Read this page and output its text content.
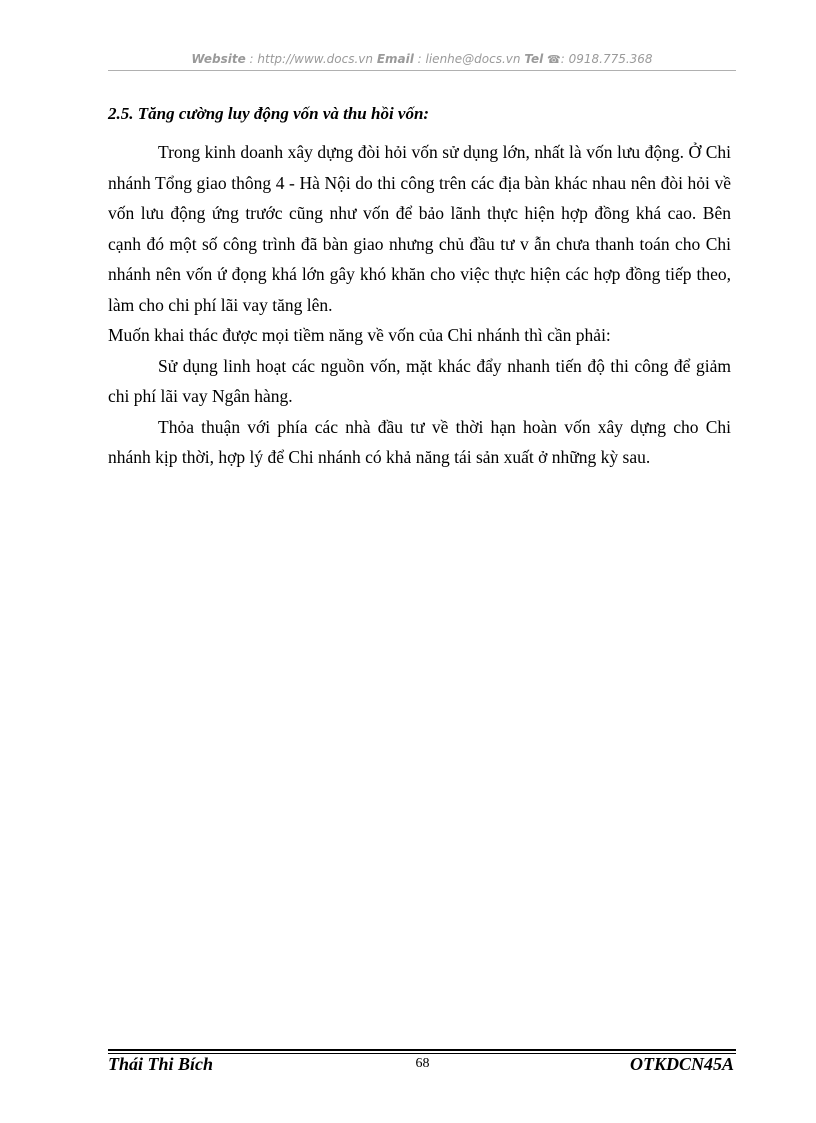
Website : http://www.docs.vn Email : lienhe@docs.vn Tel ☎: 0918.775.368
2.5. Tăng cường luy động vốn và thu hồi vốn:

Trong kinh doanh xây dựng đòi hỏi vốn sử dụng lớn, nhất là vốn lưu động. Ở Chi nhánh Tổng giao thông 4 - Hà Nội do thi công trên các địa bàn khác nhau nên đòi hỏi về vốn lưu động ứng trước cũng như vốn để bảo lãnh thực hiện hợp đồng khá cao. Bên cạnh đó một số công trình đã bàn giao nhưng chủ đầu tư v ẫn chưa thanh toán cho Chi nhánh nên vốn ứ đọng khá lớn gây khó khăn cho việc thực hiện các hợp đồng tiếp theo, làm cho chi phí lãi vay tăng lên.

Muốn khai thác được mọi tiềm năng về vốn của Chi nhánh thì cần phải:

Sử dụng linh hoạt các nguồn vốn, mặt khác đẩy nhanh tiến độ thi công để giảm chi phí lãi vay Ngân hàng.

Thỏa thuận với phía các nhà đầu tư về thời hạn hoàn vốn xây dựng cho Chi nhánh kịp thời, hợp lý để Chi nhánh có khả năng tái sản xuất ở những kỳ sau.

Thái Thi Bích	68	OTKDCN45A
